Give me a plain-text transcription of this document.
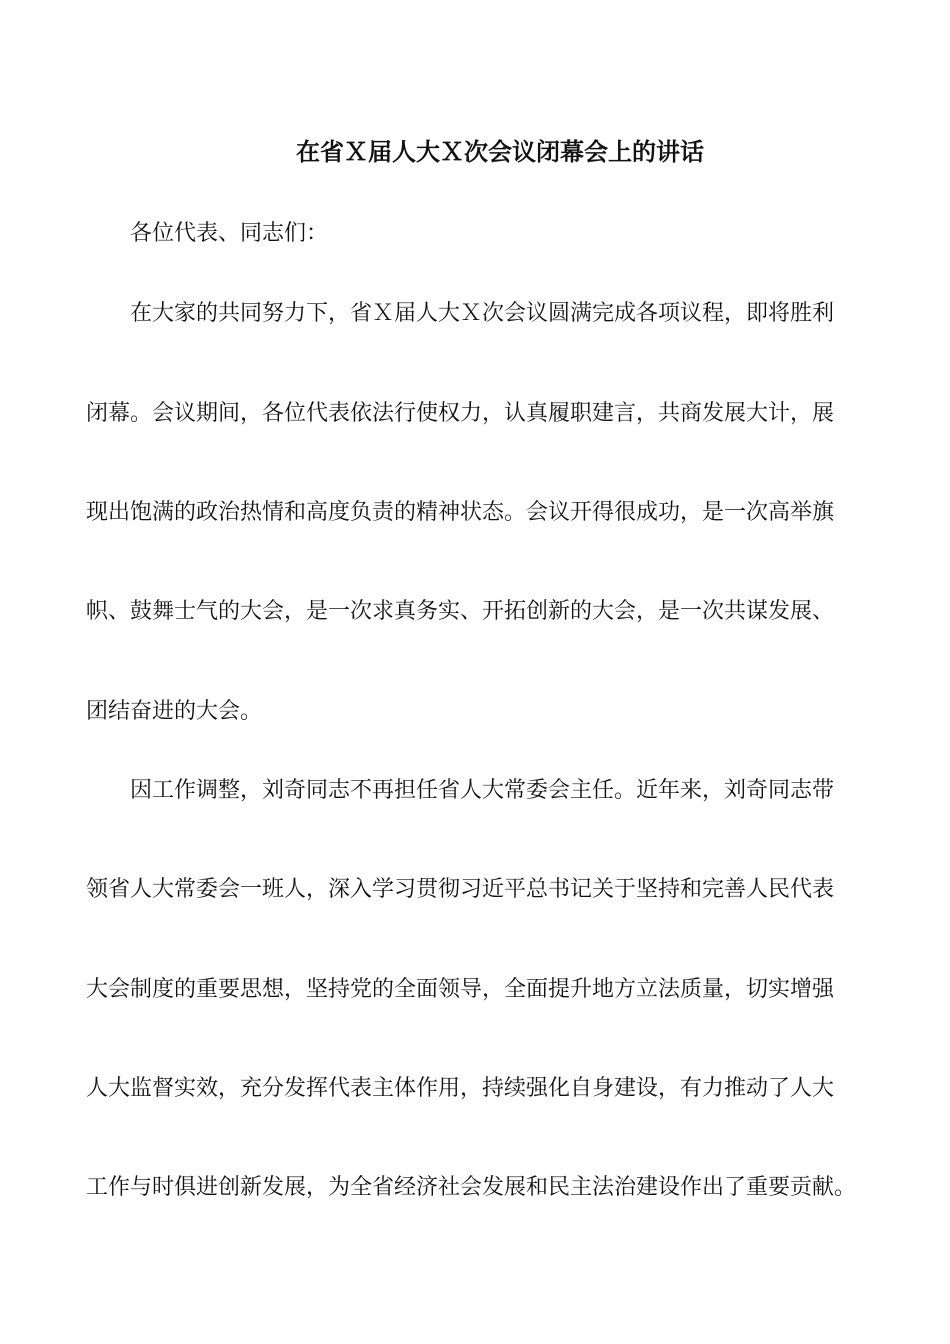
在省Ｘ届人大Ｘ次会议闭幕会上的讲话
各位代表、同志们：
在大家的共同努力下，省Ｘ届人大Ｘ次会议圆满完成各项议程，即将胜利
闭幕。会议期间，各位代表依法行使权力，认真履职建言，共商发展大计，展
现出饱满的政治热情和高度负责的精神状态。会议开得很成功，是一次高举旗
帜、鼓舞士气的大会，是一次求真务实、开拓创新的大会，是一次共谋发展、
团结奋进的大会。
因工作调整，刘奇同志不再担任省人大常委会主任。近年来，刘奇同志带
领省人大常委会一班人，深入学习贯彻习近平总书记关于坚持和完善人民代表
大会制度的重要思想，坚持党的全面领导，全面提升地方立法质量，切实增强
人大监督实效，充分发挥代表主体作用，持续强化自身建设，有力推动了人大
工作与时俱进创新发展，为全省经济社会发展和民主法治建设作出了重要贡献。
